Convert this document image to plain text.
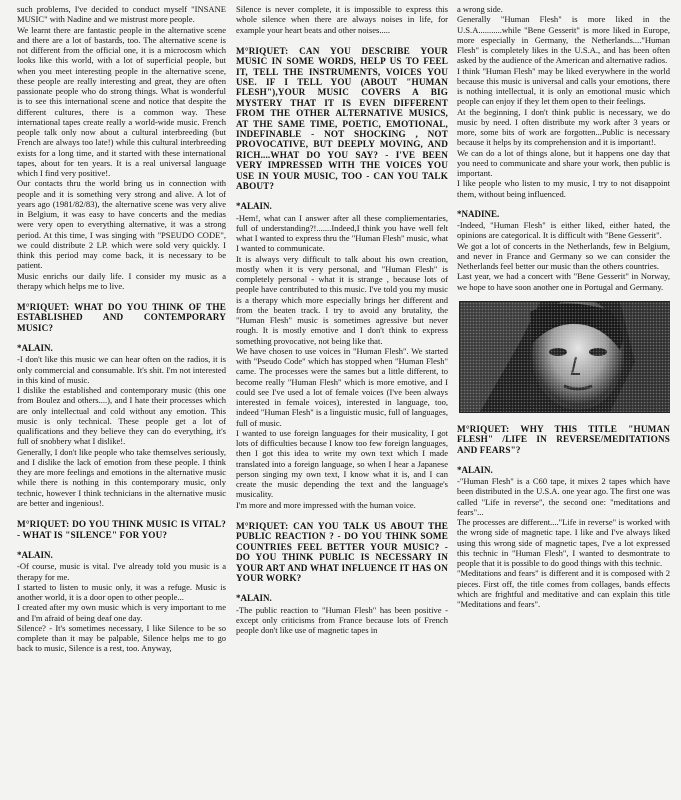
such problems, I've decided to conduct myself "INSANE MUSIC" with Nadine and we mistrust more people.

We learnt there are fantastic people in the alternative scene and there are a lot of bastards, too. The alternative scene is not different from the official one, it is a microcosm which looks like this world, with a lot of superficial people, but when you meet interesting people in the alternative scene, these people are really interesting and great, they are often passionate people who do strong things. What is wonderful is to see this international scene and notice that despite the different cultures, there is a common way. These international tapes create really a world-wide music. French people talk only now about a cultural interbreeding (but French are always too late!) while this cultural interbreeding exists for a long time, and it started with these international tapes, about for ten years. It is a real universal language which I find very positive!.

Our contacts thru the world bring us in connection with people and it is something very strong and alive. A lot of years ago (1981/82/83), the alternative scene was very alive in Belgium, it was easy to have concerts and the medias were very open to everything alternative, it was a strong period. At this time, I was singing with "PSEUDO CODE", we could distribute 2 LP. which were sold very quickly. I think this period may come back, it is necessary to be patient.

Music enrichs our daily life. I consider my music as a therapy which helps me to live.

M°RIQUET: WHAT DO YOU THINK OF THE ESTABLISHED AND CONTEMPORARY MUSIC?
*ALAIN.

-I don't like this music we can hear often on the radios, it is only commercial and consumable. It's shit. I'm not interested in this kind of music.

I dislike the established and contemporary music (this one from Boulez and others....), and I hate their processes which are only intellectual and cold without any emotion. This music is only technical. These people get a lot of qualifications and they believe they can do everything, it's full of snobbery what I dislike!.

Generally, I don't like people who take themselves seriously, and I dislike the lack of emotion from these people. I think they are more feelings and emotions in the alternative music while there is nothing in this contemporary music, only technic, however I think technicians in the alternative music are better and ingenious!.

M°RIQUET: DO YOU THINK MUSIC IS VITAL? - WHAT IS "SILENCE" FOR YOU?
*ALAIN.

-Of course, music is vital. I've already told you music is a therapy for me.

I started to listen to music only, it was a refuge. Music is another world, it is a door open to other people...

I created after my own music which is very important to me and I'm afraid of being deaf one day.

Silence? - It's sometimes necessary, I like Silence to be so complete than it may be palpable, Silence helps me to go back to music, Silence is a rest, too. Anyway,

Silence is never complete, it is impossible to express this whole silence when there are always noises in life, for example your heart beats and other noises.....

M°RIQUET: CAN YOU DESCRIBE YOUR MUSIC IN SOME WORDS, HELP US TO FEEL IT, TELL THE INSTRUMENTS, VOICES YOU USE. IF I TELL YOU (ABOUT "HUMAN FLESH"),YOUR MUSIC COVERS A BIG MYSTERY THAT IT IS EVEN DIFFERENT FROM THE OTHER ALTERNATIVE MUSICS, AT THE SAME TIME, POETIC, EMOTIONAL, INDEFINABLE - NOT SHOCKING , NOT PROVOCATIVE, BUT DEEPLY MOVING, AND RICH....WHAT DO YOU SAY? - I'VE BEEN VERY IMPRESSED WITH THE VOICES YOU USE IN YOUR MUSIC, TOO - CAN YOU TALK ABOUT?
*ALAIN.

-Hem!, what can I answer after all these compliementaries, full of understanding?!.......Indeed,I think you have well felt what I wanted to express thru the "Human Flesh" music, what I wanted to communicate.

It is always very difficult to talk about his own creation, mostly when it is very personal, and "Human Flesh" is completely personal - what it is strange , because lots of people have contributed to this music. I've told you my music is a therapy which more especially brings her different and from the beaten track. I try to avoid any brutality, the "Human Flesh" music is sometimes agressive but never rough. It is mostly emotive and I don't think to express something provocative, not being like that.

We have chosen to use voices in "Human Flesh". We started with "Pseudo Code" which has stopped when "Human Flesh" came. The processes were the sames but a little different, to become really "Human Flesh" which is more emotive, and I could see I've used a lot of female voices (I've been always interested in female voices), interested in language, too, indeed "Human Flesh" is a linguistic music, full of languages, full of music.

I wanted to use foreign languages for their musicality, I got lots of difficulties because I know too few foreign languages, then I got this idea to write my own text which I made translated into a foreign language, so when I hear a Japanese person singing my own text, I know what it is, and I can create the music depending the text and the language's musicality.

I'm more and more impressed with the human voice.

M°RIQUET: CAN YOU TALK US ABOUT THE PUBLIC REACTION ? - DO YOU THINK SOME COUNTRIES FEEL BETTER YOUR MUSIC? - DO YOU THINK PUBLIC IS NECESSARY IN YOUR ART AND WHAT INFLUENCE IT HAS ON YOUR WORK?
*ALAIN.

-The public reaction to "Human Flesh" has been positive - except only criticisms from France because lots of French people don't like use of magnetic tapes in

a wrong side.

Generally "Human Flesh" is more liked in the U.S.A...........while "Bene Gesserit" is more liked in Europe, more especially in Germany, the Netherlands...."Human Flesh" is completely likes in the U.S.A., and has been often asked by the audience of the American and alternative radios.

I think "Human Flesh" may be liked everywhere in the world because this music is universal and calls your emotions, there is nothing intellectual, it is only an emotional music which people can enjoy if they let them open to their feelings.

At the beginning, I don't think public is necessary, we do music by need. I often distribute my work after 3 years or more, some bits of work are forgotten...Public is necessary because it helps by its comprehension and it is important!.

We can do a lot of things alone, but it happens one day that you need to communicate and share your work, then public is important.

I like people who listen to my music, I try to not disappoint them, without being influenced.

*NADINE.

-Indeed, "Human Flesh" is either liked, either hated, the opinions are categorical. It is difficult with "Bene Gesserit".

We got a lot of concerts in the Netherlands, few in Belgium, and never in France and Germany so we can consider the Netherlands feel better our music than the others countries.

Last year, we had a concert with "Bene Gesserit" in Norway, we hope to have soon another one in Portugal and Germany.

M°RIQUET: WHY THIS TITLE "HUMAN FLESH" /LIFE IN REVERSE/MEDITATIONS AND FEARS"?
*ALAIN.

-"Human Flesh" is a C60 tape, it mixes 2 tapes which have been distributed in the U.S.A. one year ago. The first one was called "Life in reverse", the second one: "meditations and fears"...

The processes are different...."Life in reverse" is worked with the wrong side of magnetic tape. I like and I've always liked using this wrong side of magnetic tapes, I've a lot expressed this technic in "Human Flesh", I wanted to desmontrate to people that it is possible to do good things with this technic.

"Meditations and fears" is different and it is composed with 2 pieces. First off, the title comes from collages, bands effects which are frightful and meditative and can explain this title "Meditations and fears".
